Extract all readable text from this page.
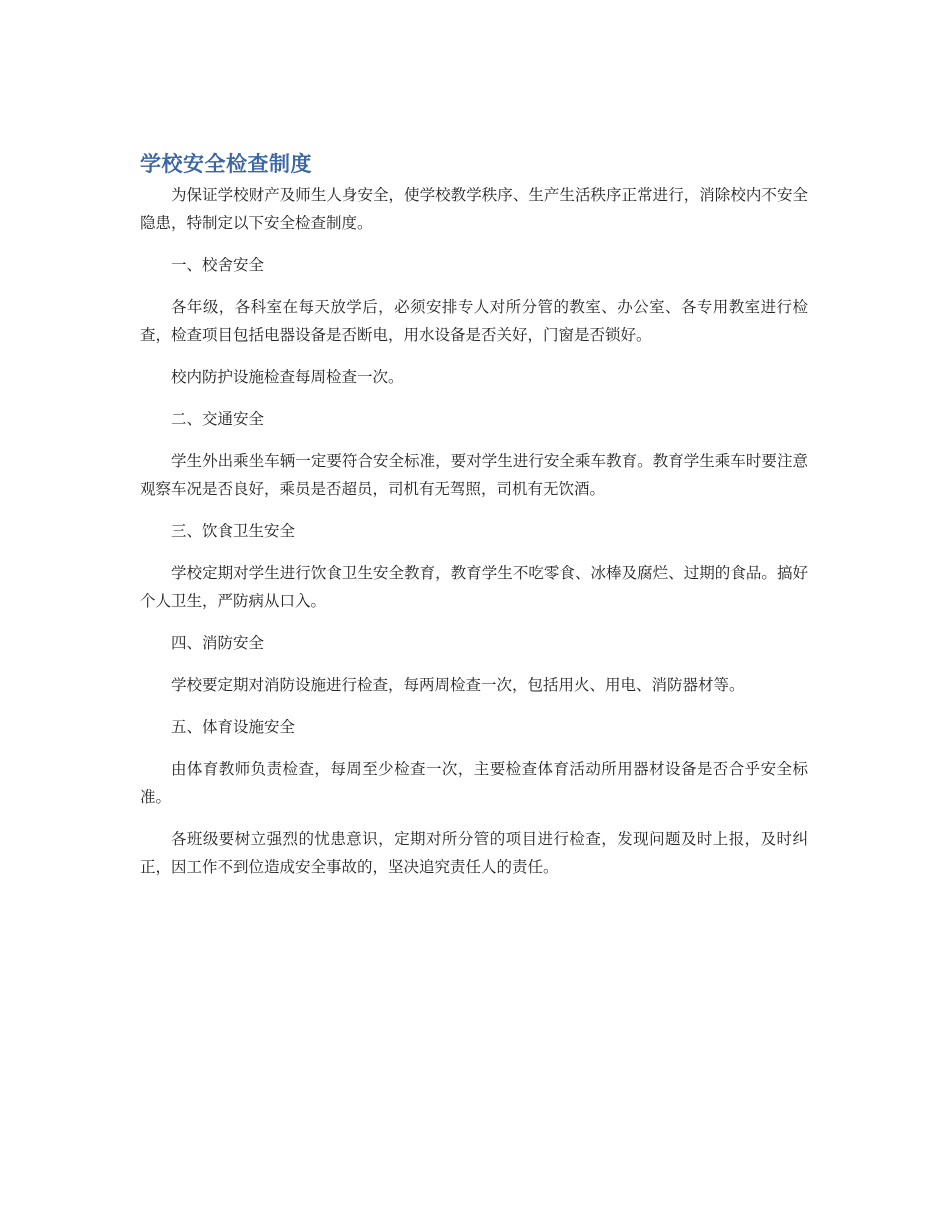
学校安全检查制度

为保证学校财产及师生人身安全，使学校教学秩序、生产生活秩序正常进行，消除校内不安全隐患，特制定以下安全检查制度。

一、校舍安全

各年级，各科室在每天放学后，必须安排专人对所分管的教室、办公室、各专用教室进行检查，检查项目包括电器设备是否断电，用水设备是否关好，门窗是否锁好。

校内防护设施检查每周检查一次。

二、交通安全

学生外出乘坐车辆一定要符合安全标准，要对学生进行安全乘车教育。教育学生乘车时要注意观察车况是否良好，乘员是否超员，司机有无驾照，司机有无饮酒。

三、饮食卫生安全

学校定期对学生进行饮食卫生安全教育，教育学生不吃零食、冰棒及腐烂、过期的食品。搞好个人卫生，严防病从口入。

四、消防安全

学校要定期对消防设施进行检查，每两周检查一次，包括用火、用电、消防器材等。

五、体育设施安全

由体育教师负责检查，每周至少检查一次，主要检查体育活动所用器材设备是否合乎安全标准。

各班级要树立强烈的忧患意识，定期对所分管的项目进行检查，发现问题及时上报，及时纠正，因工作不到位造成安全事故的，坚决追究责任人的责任。
